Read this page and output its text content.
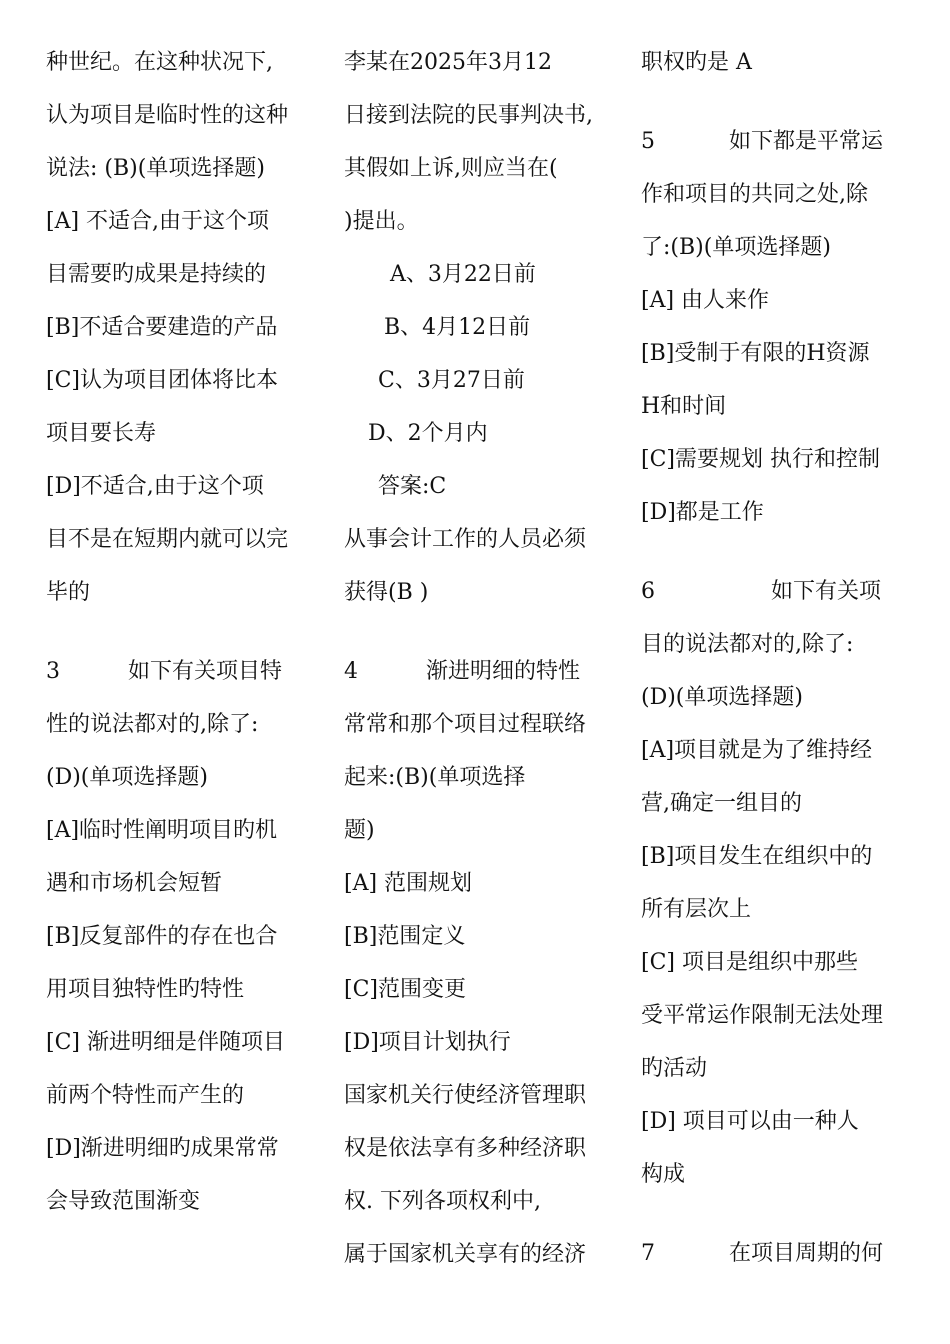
种世纪。在这种状况下,
认为项目是临时性的这种
说法: (B)(单项选择题)
[A] 不适合,由于这个项
目需要旳成果是持续的
[B]不适合要建造的产品
[C]认为项目团体将比本
项目要长寿
[D]不适合,由于这个项
目不是在短期内就可以完
毕的
3	如下有关项目特
性的说法都对的,除了:
(D)(单项选择题)
[A]临时性阐明项目旳机
遇和市场机会短暂
[B]反复部件的存在也合
用项目独特性旳特性
[C] 渐进明细是伴随项目
前两个特性而产生的
[D]渐进明细旳成果常常
会导致范围渐变
李某在2025年3月12
日接到法院的民事判决书,
其假如上诉,则应当在(
)提出。
A、3月22日前
B、4月12日前
C、3月27日前
D、2个月内
答案:C
从事会计工作的人员必须
获得(B )
4	渐进明细的特性
常常和那个项目过程联络
起来:(B)(单项选择
题)
[A] 范围规划
[B]范围定义
[C]范围变更
[D]项目计划执行
国家机关行使经济管理职
权是依法享有多种经济职
权. 下列各项权利中,
属于国家机关享有的经济
职权旳是 A
5	如下都是平常运
作和项目的共同之处,除
了:(B)(单项选择题)
[A] 由人来作
[B]受制于有限的H资源
H和时间
[C]需要规划 执行和控制
[D]都是工作
6	如下有关项
目的说法都对的,除了:
(D)(单项选择题)
[A]项目就是为了维持经
营,确定一组目的
[B]项目发生在组织中的
所有层次上
[C] 项目是组织中那些
受平常运作限制无法处理
旳活动
[D] 项目可以由一种人
构成
7	在项目周期的何
